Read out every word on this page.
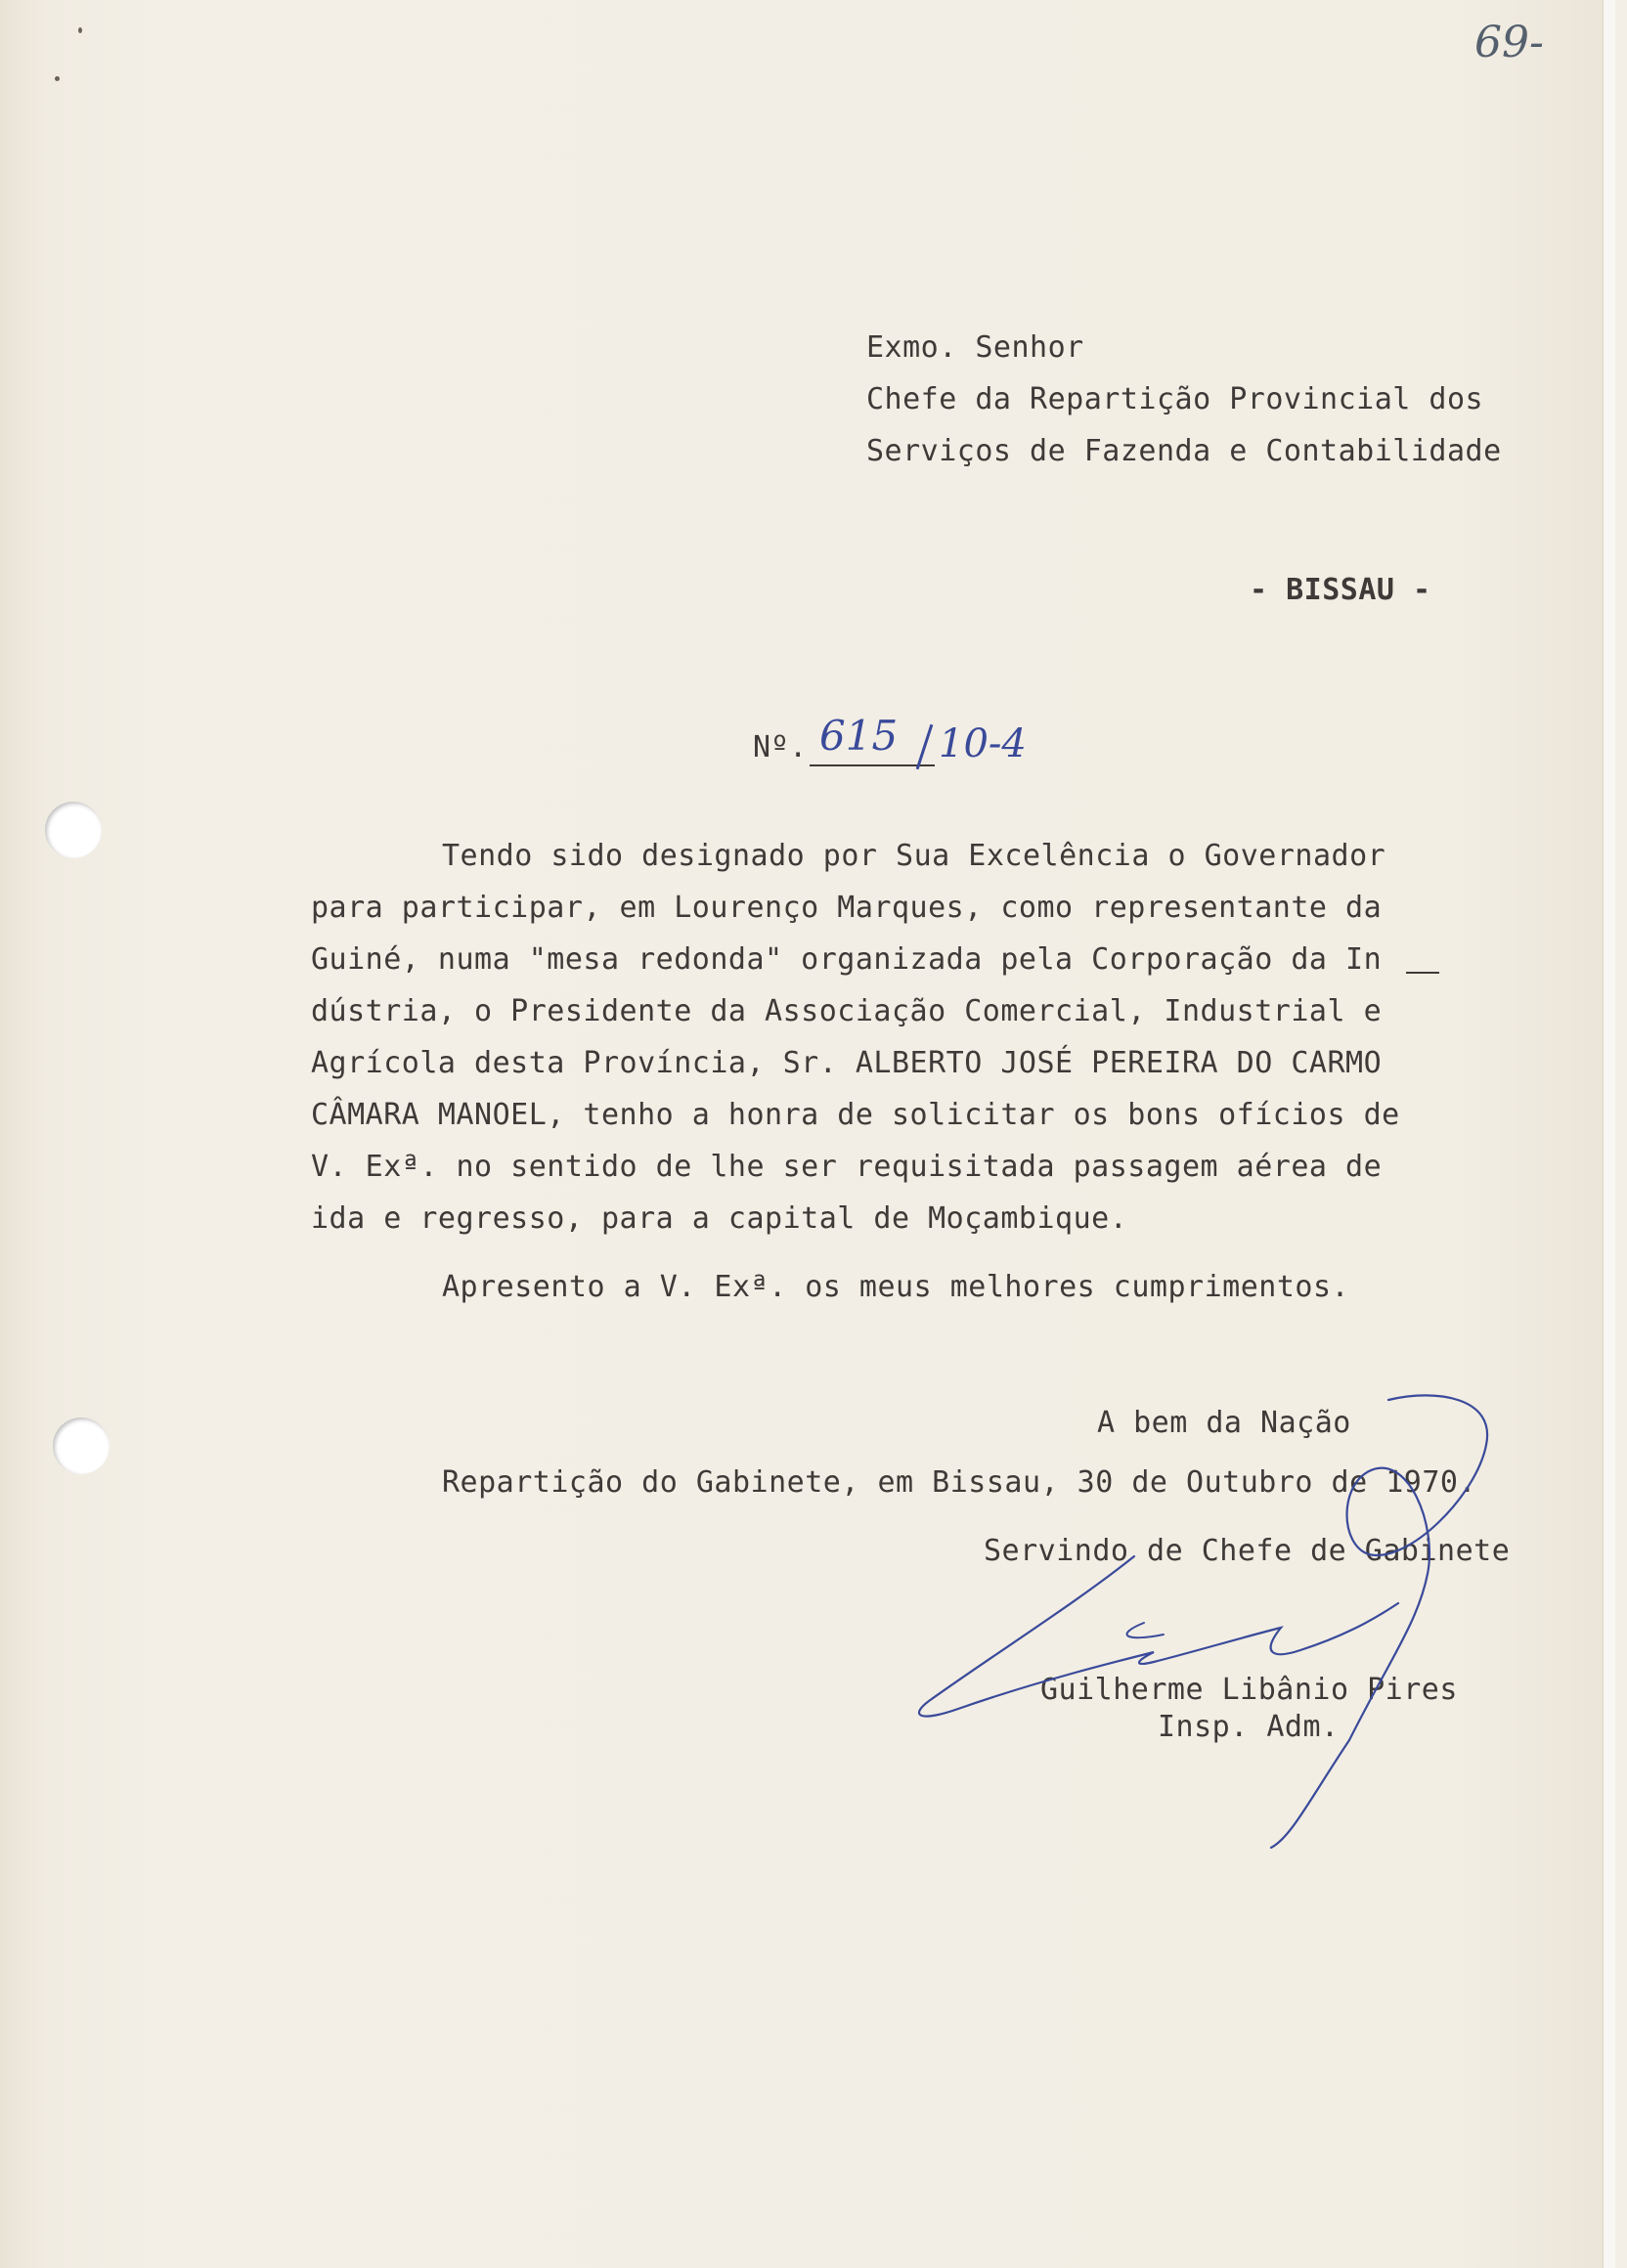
69-
Exmo. Senhor
Chefe da Repartição Provincial dos
Serviços de Fazenda e Contabilidade
- BISSAU -
Nº. 615 10-4
Tendo sido designado por Sua Excelência o Governador
para participar, em Lourenço Marques, como representante da
Guiné, numa "mesa redonda" organizada pela Corporação da In
dústria, o Presidente da Associação Comercial, Industrial e
Agrícola desta Província, Sr. ALBERTO JOSÉ PEREIRA DO CARMO
CÂMARA MANOEL, tenho a honra de solicitar os bons ofícios de
V. Exª. no sentido de lhe ser requisitada passagem aérea de
ida e regresso, para a capital de Moçambique.
Apresento a V. Exª. os meus melhores cumprimentos.
A bem da Nação
Repartição do Gabinete, em Bissau, 30 de Outubro de 1970.
Servindo de Chefe de Gabinete
Guilherme Libânio Pires
Insp. Adm.
